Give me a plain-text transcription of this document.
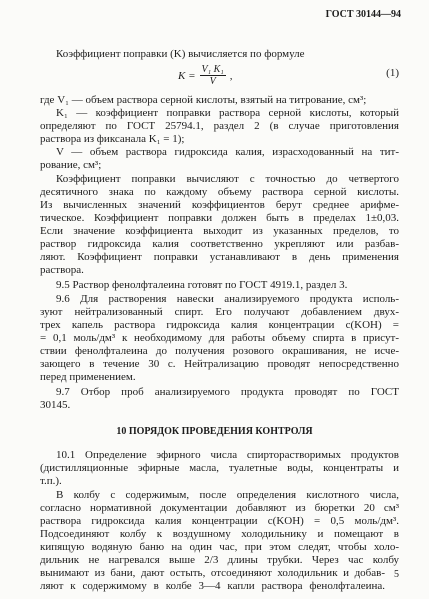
ГОСТ 30144—94
Коэффициент поправки (K) вычисляется по формуле
$K = \frac{\text{V₁ K₁}}{V}$ ,	(1)
где V₁ — объем раствора серной кислоты, взятый на титрование, см³;
K₁ — коэффициент поправки раствора серной кислоты, который
определяют по ГОСТ 25794.1, раздел 2 (в случае приготовления
раствора из фиксанала K₁ = 1);
V — объем раствора гидроксида калия, израсходованный на тит-
рование, см³;
Коэффициент поправки вычисляют с точностью до четвертого
десятичного знака по каждому объему раствора серной кислоты.
Из вычисленных значений коэффициентов берут среднее арифме-
тическое. Коэффициент поправки должен быть в пределах 1±0,03.
Если значение коэффициента выходит из указанных пределов, то
раствор гидроксида калия соответственно укрепляют или разбав-
ляют. Коэффициент поправки устанавливают в день применения
раствора.
9.5 Раствор фенолфталеина готовят по ГОСТ 4919.1, раздел 3.
9.6 Для растворения навески анализируемого продукта исполь-
зуют нейтрализованный спирт. Его получают добавлением двух-
трех капель раствора гидроксида калия концентрации c(KOH) =
= 0,1 моль/дм³ к необходимому для работы объему спирта в присут-
ствии фенолфталеина до получения розового окрашивания, не исче-
зающего в течение 30 с. Нейтрализацию проводят непосредственно
перед применением.
9.7 Отбор проб анализируемого продукта проводят по ГОСТ
30145.
10 ПОРЯДОК ПРОВЕДЕНИЯ КОНТРОЛЯ
10.1 Определение эфирного числа спирторастворимых продуктов
(дистилляционные эфирные масла, туалетные воды, концентраты и
т.п.).
В колбу с содержимым, после определения кислотного числа,
согласно нормативной документации добавляют из бюретки 20 см³
раствора гидроксида калия концентрации c(KOH) = 0,5 моль/дм³.
Подсоединяют колбу к воздушному холодильнику и помещают в
кипящую водяную баню на один час, при этом следят, чтобы холо-
дильник не нагревался выше 2/3 длины трубки. Через час колбу
вынимают из бани, дают остыть, отсоединяют холодильник и добав-
ляют к содержимому в колбе 3—4 капли раствора фенолфталеина.
5
